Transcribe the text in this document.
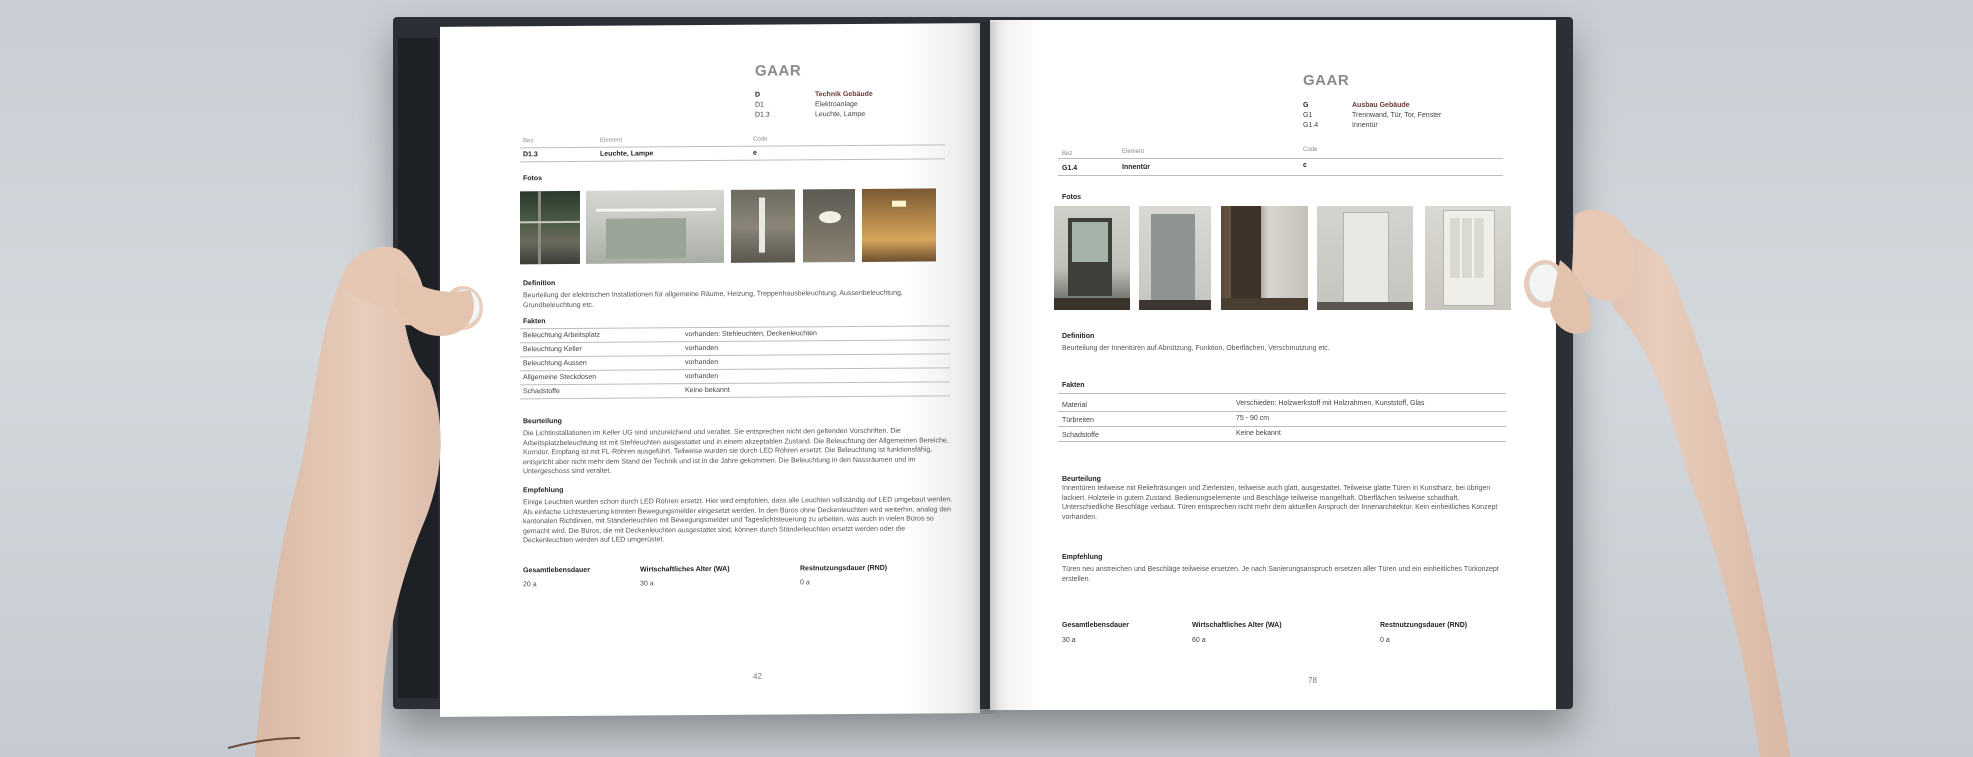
GAAR
D	Technik Gebäude
D1	Elektroanlage
D1.3	Leuchte, Lampe
Bez	Element	Code
D1.3	Leuchte, Lampe	e
Fotos
Definition
Beurteilung der elektrischen Installationen für allgemeine Räume, Heizung, Treppenhausbeleuchtung, Aussenbeleuchtung, Grundbeleuchtung etc.
Fakten
Beleuchtung Arbeitsplatz	vorhanden: Stehleuchten, Deckenleuchten
Beleuchtung Keller	vorhanden
Beleuchtung Aussen	vorhanden
Allgemeine Steckdosen	vorhanden
Schadstoffe	Keine bekannt
Beurteilung
Die Lichtinstallationen im Keller UG sind unzureichend und veraltet. Sie entsprechen nicht den geltenden Vorschriften. Die Arbeitsplatzbeleuchtung ist mit Stehleuchten ausgestattet und in einem akzeptablen Zustand. Die Beleuchtung der Allgemeinen Bereiche, Korridor, Empfang ist mit FL-Röhren ausgeführt. Teilweise wurden sie durch LED Röhren ersetzt. Die Beleuchtung ist funktionsfähig, entspricht aber nicht mehr dem Stand der Technik und ist in die Jahre gekommen. Die Beleuchtung in den Nassräumen und im Untergeschoss sind veraltet.
Empfehlung
Einige Leuchten wurden schon durch LED Röhren ersetzt. Hier wird empfohlen, dass alle Leuchten vollständig auf LED umgebaut werden. Als einfache Lichtsteuerung könnten Bewegungsmelder eingesetzt werden. In den Büros ohne Deckenleuchten wird weiterhin, analog den kantonalen Richtlinien, mit Ständerleuchten mit Bewegungsmelder und Tageslichtsteuerung zu arbeiten, was auch in vielen Büros so gemacht wird. Die Büros, die mit Deckenleuchten ausgestattet sind, können durch Ständerleuchten ersetzt werden oder die Deckenleuchten werden auf LED umgerüstet.
Gesamtlebensdauer
20 a
Wirtschaftliches Alter (WA)
30 a
Restnutzungsdauer (RND)
0 a
42
GAAR
G	Ausbau Gebäude
G1	Trennwand, Tür, Tor, Fenster
G1.4	Innentür
Bez	Element	Code
G1.4	Innentür	c
Fotos
Definition
Beurteilung der Innentüren auf Abnützung, Funktion, Oberflächen, Verschmutzung etc.
Fakten
Material	Verschieden: Holzwerkstoff mit Holzrahmen, Kunststoff, Glas
Türbreiten	75 - 90 cm
Schadstoffe	Keine bekannt
Beurteilung
Innentüren teilweise mit Reliefträsungen und Zierleisten, teilweise auch glatt, ausgestattet. Teilweise glatte Türen in Kunstharz, bei übrigen lackiert. Holzteile in gutem Zustand. Bedienungselemente und Beschläge teilweise mangelhaft. Oberflächen teilweise schadhaft. Unterschiedliche Beschläge verbaut. Türen entsprechen nicht mehr dem aktuellen Anspruch der Innenarchitektur. Kein einheitliches Konzept vorhanden.
Empfehlung
Türen neu anstreichen und Beschläge teilweise ersetzen. Je nach Sanierungsanspruch ersetzen aller Türen und ein einheitliches Türkonzept erstellen.
Gesamtlebensdauer
30 a
Wirtschaftliches Alter (WA)
60 a
Restnutzungsdauer (RND)
0 a
78
